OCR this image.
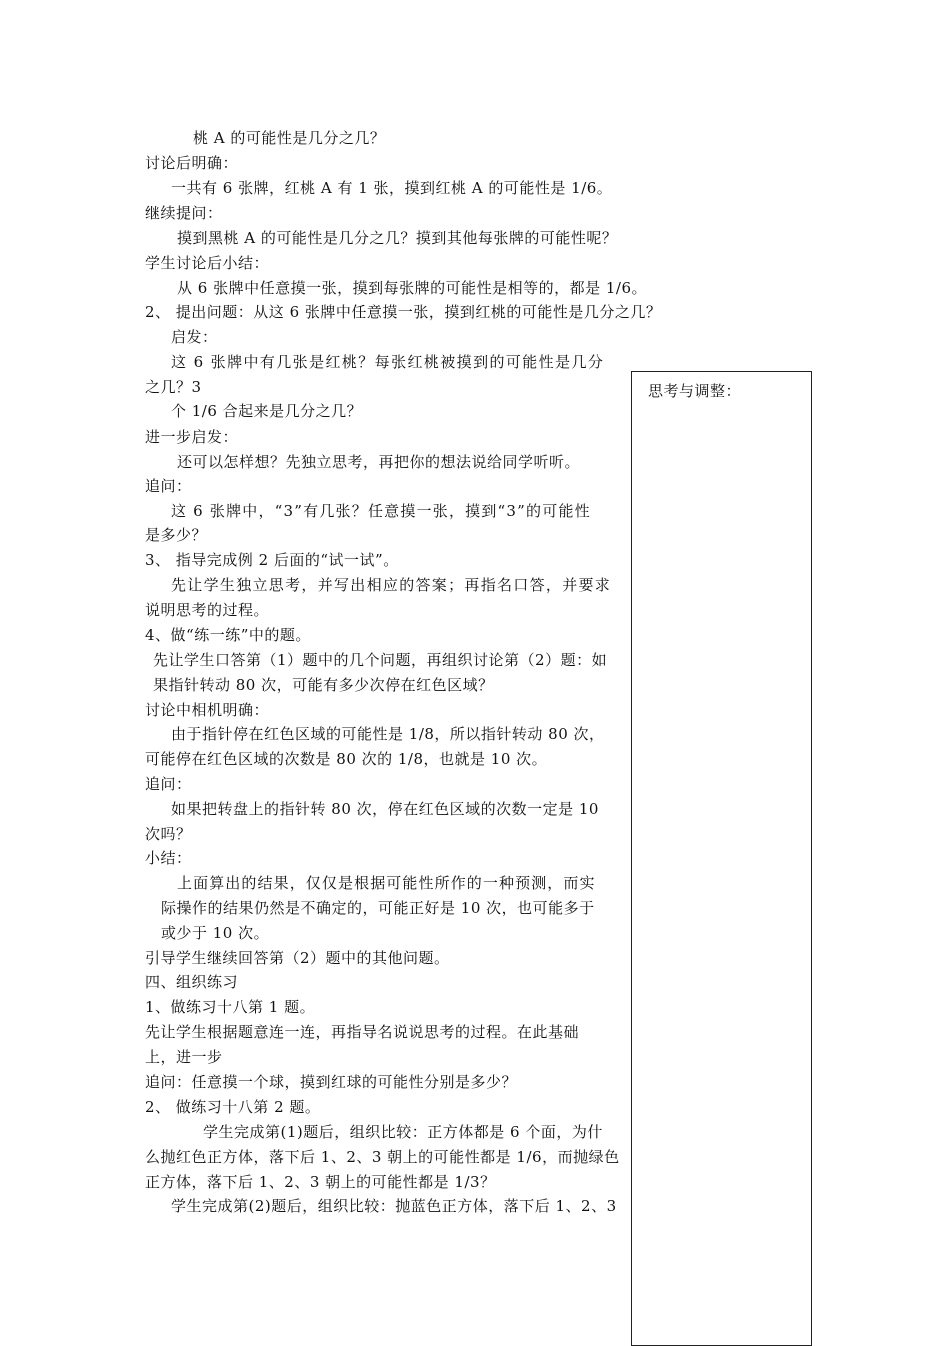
桃 A 的可能性是几分之几？
讨论后明确：
一共有 6 张牌，红桃 A 有 1 张，摸到红桃 A 的可能性是 1/6。
继续提问：
摸到黑桃 A 的可能性是几分之几？摸到其他每张牌的可能性呢？
学生讨论后小结：
从 6 张牌中任意摸一张，摸到每张牌的可能性是相等的，都是 1/6。
2、 提出问题：从这 6 张牌中任意摸一张，摸到红桃的可能性是几分之几？
启发：
这 6 张牌中有几张是红桃？每张红桃被摸到的可能性是几分
之几？3
个 1/6 合起来是几分之几？
进一步启发：
还可以怎样想？先独立思考，再把你的想法说给同学听听。
追问：
这 6 张牌中，“3”有几张？任意摸一张，摸到“3”的可能性
是多少？
3、 指导完成例 2 后面的“试一试”。
先让学生独立思考，并写出相应的答案；再指名口答，并要求
说明思考的过程。
4、做“练一练”中的题。
先让学生口答第（1）题中的几个问题，再组织讨论第（2）题：如
果指针转动 80 次，可能有多少次停在红色区域？
讨论中相机明确：
由于指针停在红色区域的可能性是 1/8，所以指针转动 80 次，
可能停在红色区域的次数是 80 次的 1/8，也就是 10 次。
追问：
如果把转盘上的指针转 80 次，停在红色区域的次数一定是 10
次吗？
小结：
上面算出的结果，仅仅是根据可能性所作的一种预测，而实
际操作的结果仍然是不确定的，可能正好是 10 次，也可能多于
或少于 10 次。
引导学生继续回答第（2）题中的其他问题。
四、组织练习
1、做练习十八第 1 题。
先让学生根据题意连一连，再指导名说说思考的过程。在此基础
上，进一步
追问：任意摸一个球，摸到红球的可能性分别是多少？
2、 做练习十八第 2 题。
学生完成第(1)题后，组织比较：正方体都是 6 个面，为什
么抛红色正方体，落下后 1、2、3 朝上的可能性都是 1/6，而抛绿色
正方体，落下后 1、2、3 朝上的可能性都是 1/3？
学生完成第(2)题后，组织比较：抛蓝色正方体，落下后 1、2、3
思考与调整：
